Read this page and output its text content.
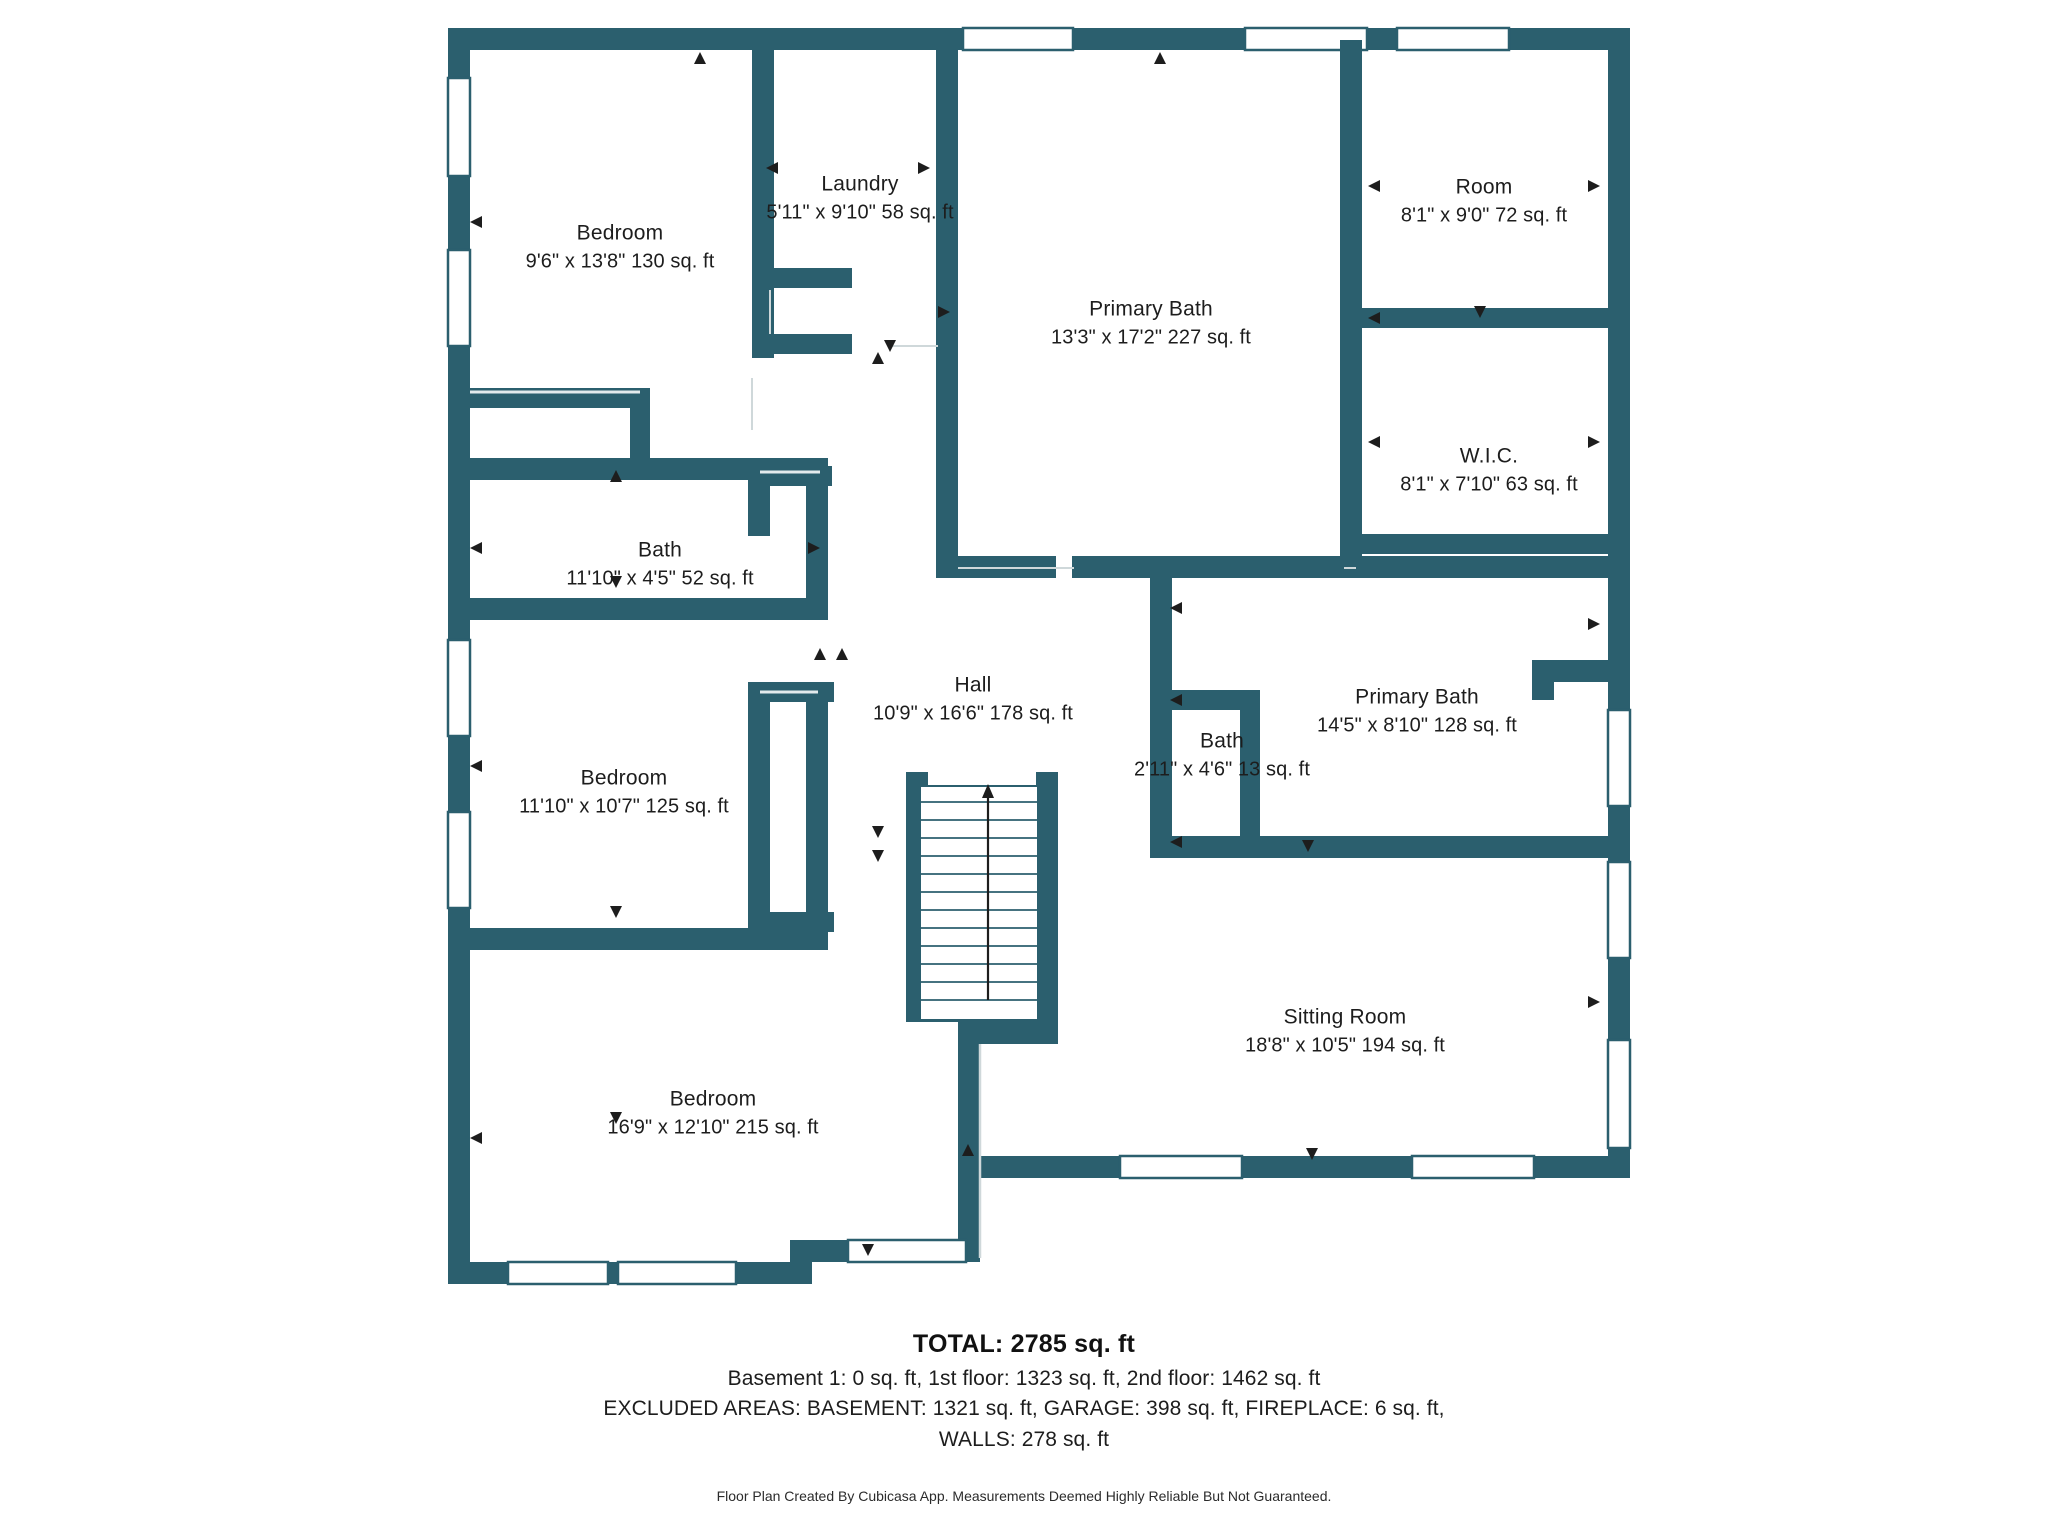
Bedroom
9'6" x 13'8" 130 sq. ft
Laundry
5'11" x 9'10" 58 sq. ft
Primary Bath
13'3" x 17'2" 227 sq. ft
Room
8'1" x 9'0" 72 sq. ft
W.I.C.
8'1" x 7'10" 63 sq. ft
Bath
11'10" x 4'5" 52 sq. ft
Hall
10'9" x 16'6" 178 sq. ft
Bath
2'11" x 4'6" 13 sq. ft
Primary Bath
14'5" x 8'10" 128 sq. ft
Bedroom
11'10" x 10'7" 125 sq. ft
Sitting Room
18'8" x 10'5" 194 sq. ft
Bedroom
16'9" x 12'10" 215 sq. ft
TOTAL: 2785 sq. ft
Basement 1: 0 sq. ft, 1st floor: 1323 sq. ft, 2nd floor: 1462 sq. ft
EXCLUDED AREAS: BASEMENT: 1321 sq. ft, GARAGE: 398 sq. ft, FIREPLACE: 6 sq. ft,
WALLS: 278 sq. ft
Floor Plan Created By Cubicasa App. Measurements Deemed Highly Reliable But Not Guaranteed.
